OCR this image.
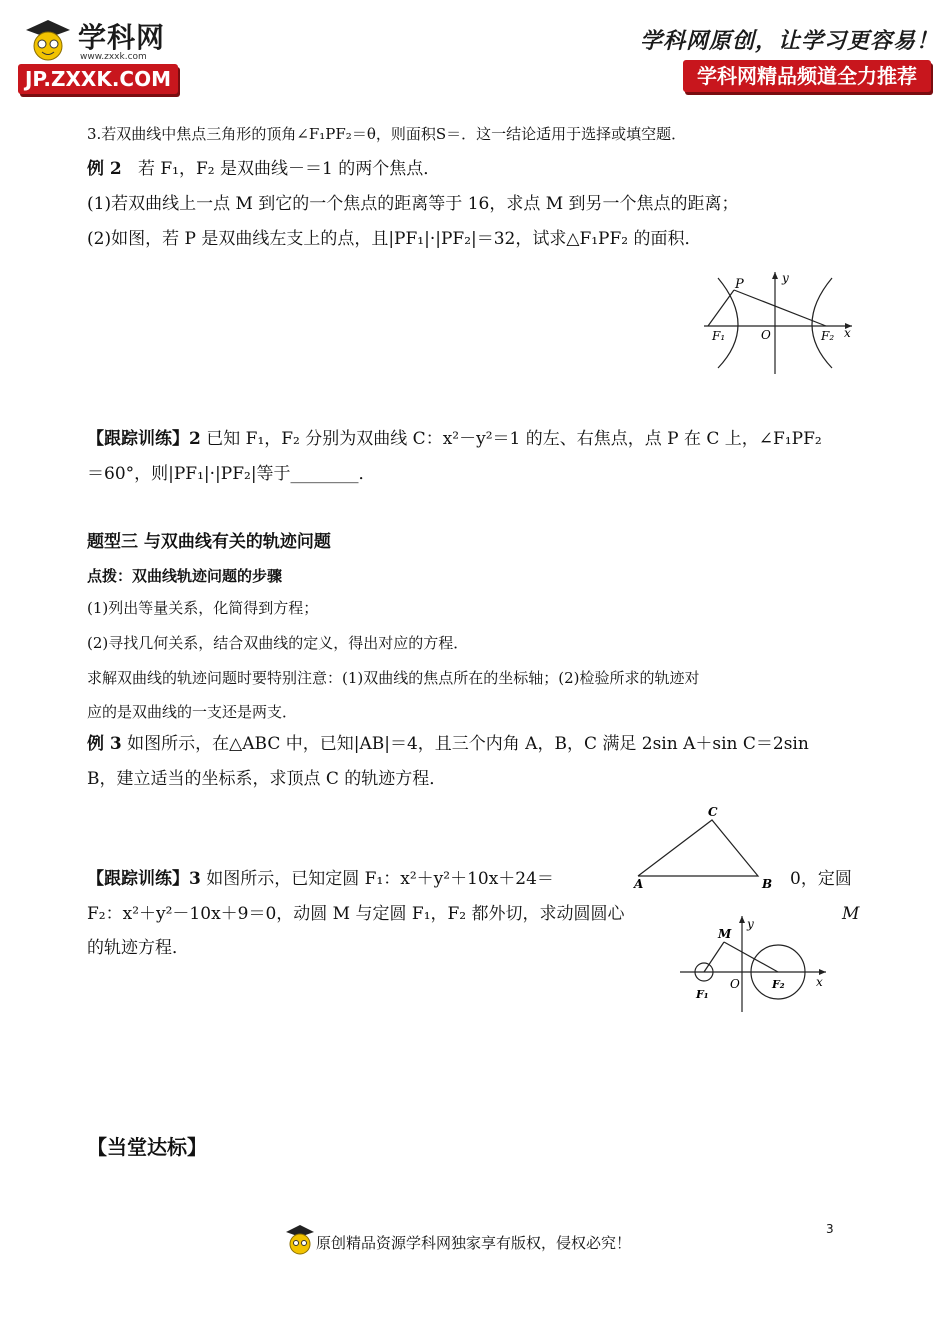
学科网
www.zxxk.com
JP.ZXXK.COM
学科网原创，让学习更容易！
学科网精品频道全力推荐
3.若双曲线中焦点三角形的顶角∠F₁PF₂＝θ，则面积S＝．这一结论适用于选择或填空题．
例 2 若 F₁，F₂ 是双曲线－＝1 的两个焦点．
(1)若双曲线上一点 M 到它的一个焦点的距离等于 16，求点 M 到另一个焦点的距离；
(2)如图，若 P 是双曲线左支上的点，且|PF₁|·|PF₂|＝32，试求△F₁PF₂ 的面积．
P	y
F₁	O	F₂ x
【跟踪训练】2 已知 F₁，F₂ 分别为双曲线 C：x²－y²＝1 的左、右焦点，点 P 在 C 上，∠F₁PF₂
＝60°，则|PF₁|·|PF₂|等于________．
题型三 与双曲线有关的轨迹问题
点拨：双曲线轨迹问题的步骤
(1)列出等量关系，化简得到方程；
(2)寻找几何关系，结合双曲线的定义，得出对应的方程．
求解双曲线的轨迹问题时要特别注意：(1)双曲线的焦点所在的坐标轴；(2)检验所求的轨迹对
应的是双曲线的一支还是两支．
例 3 如图所示，在△ABC 中，已知|AB|＝4，且三个内角 A，B，C 满足 2sin A＋sin C＝2sin
B，建立适当的坐标系，求顶点 C 的轨迹方程．
C
A	B
【跟踪训练】3 如图所示，已知定圆 F₁：x²＋y²＋10x＋24＝	0，定圆
F₂：x²＋y²－10x＋9＝0，动圆 M 与定圆 F₁，F₂ 都外切，求动圆圆心	M
的轨迹方程．
M
y
F₁
O	F₂	x
【当堂达标】
3
原创精品资源学科网独家享有版权，侵权必究！
